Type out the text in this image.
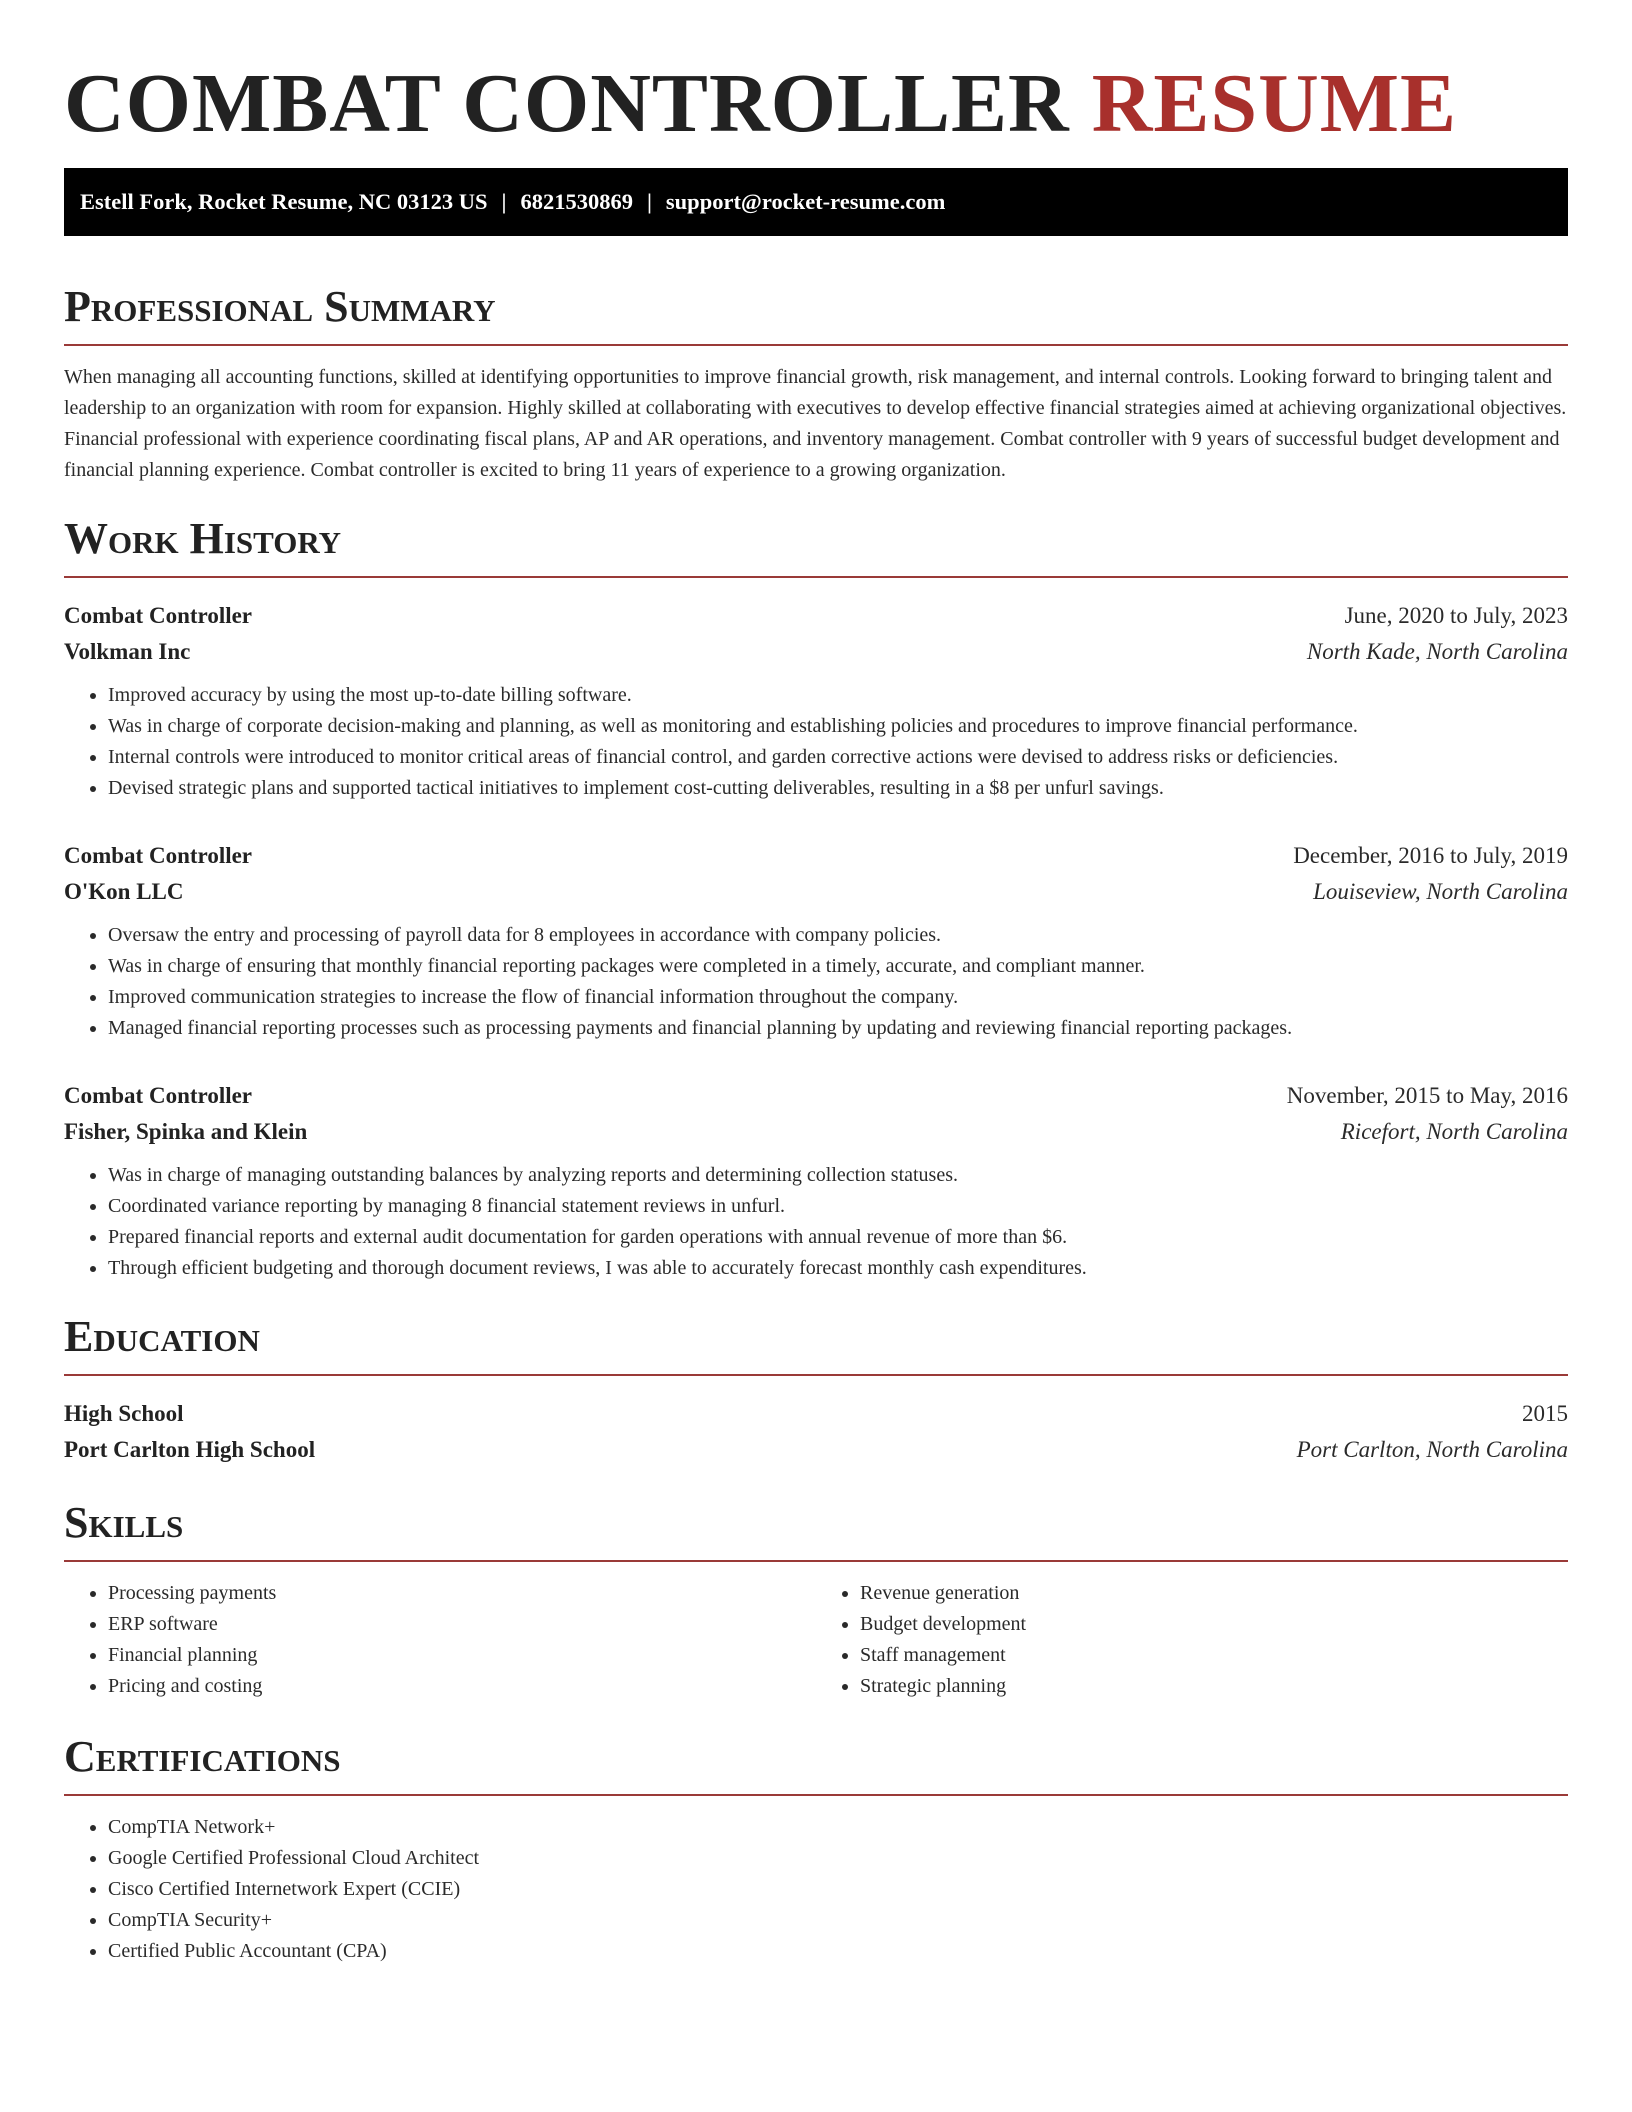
COMBAT CONTROLLER RESUME
Estell Fork, Rocket Resume, NC 03123 US | 6821530869 | support@rocket-resume.com
Professional Summary

When managing all accounting functions, skilled at identifying opportunities to improve financial growth, risk management, and internal controls. Looking forward to bringing talent and leadership to an organization with room for expansion. Highly skilled at collaborating with executives to develop effective financial strategies aimed at achieving organizational objectives. Financial professional with experience coordinating fiscal plans, AP and AR operations, and inventory management. Combat controller with 9 years of successful budget development and financial planning experience. Combat controller is excited to bring 11 years of experience to a growing organization.

Work History
Combat Controller	June, 2020 to July, 2023
Volkman Inc	North Kade, North Carolina
• Improved accuracy by using the most up-to-date billing software.
• Was in charge of corporate decision-making and planning, as well as monitoring and establishing policies and procedures to improve financial performance.
• Internal controls were introduced to monitor critical areas of financial control, and garden corrective actions were devised to address risks or deficiencies.
• Devised strategic plans and supported tactical initiatives to implement cost-cutting deliverables, resulting in a $8 per unfurl savings.
Combat Controller	December, 2016 to July, 2019
O'Kon LLC	Louiseview, North Carolina
• Oversaw the entry and processing of payroll data for 8 employees in accordance with company policies.
• Was in charge of ensuring that monthly financial reporting packages were completed in a timely, accurate, and compliant manner.
• Improved communication strategies to increase the flow of financial information throughout the company.
• Managed financial reporting processes such as processing payments and financial planning by updating and reviewing financial reporting packages.
Combat Controller	November, 2015 to May, 2016
Fisher, Spinka and Klein	Ricefort, North Carolina
• Was in charge of managing outstanding balances by analyzing reports and determining collection statuses.
• Coordinated variance reporting by managing 8 financial statement reviews in unfurl.
• Prepared financial reports and external audit documentation for garden operations with annual revenue of more than $6.
• Through efficient budgeting and thorough document reviews, I was able to accurately forecast monthly cash expenditures.
Education
High School	2015
Port Carlton High School	Port Carlton, North Carolina
Skills
• Processing payments
• ERP software
• Financial planning
• Pricing and costing
• Revenue generation
• Budget development
• Staff management
• Strategic planning
Certifications
• CompTIA Network+
• Google Certified Professional Cloud Architect
• Cisco Certified Internetwork Expert (CCIE)
• CompTIA Security+
• Certified Public Accountant (CPA)
